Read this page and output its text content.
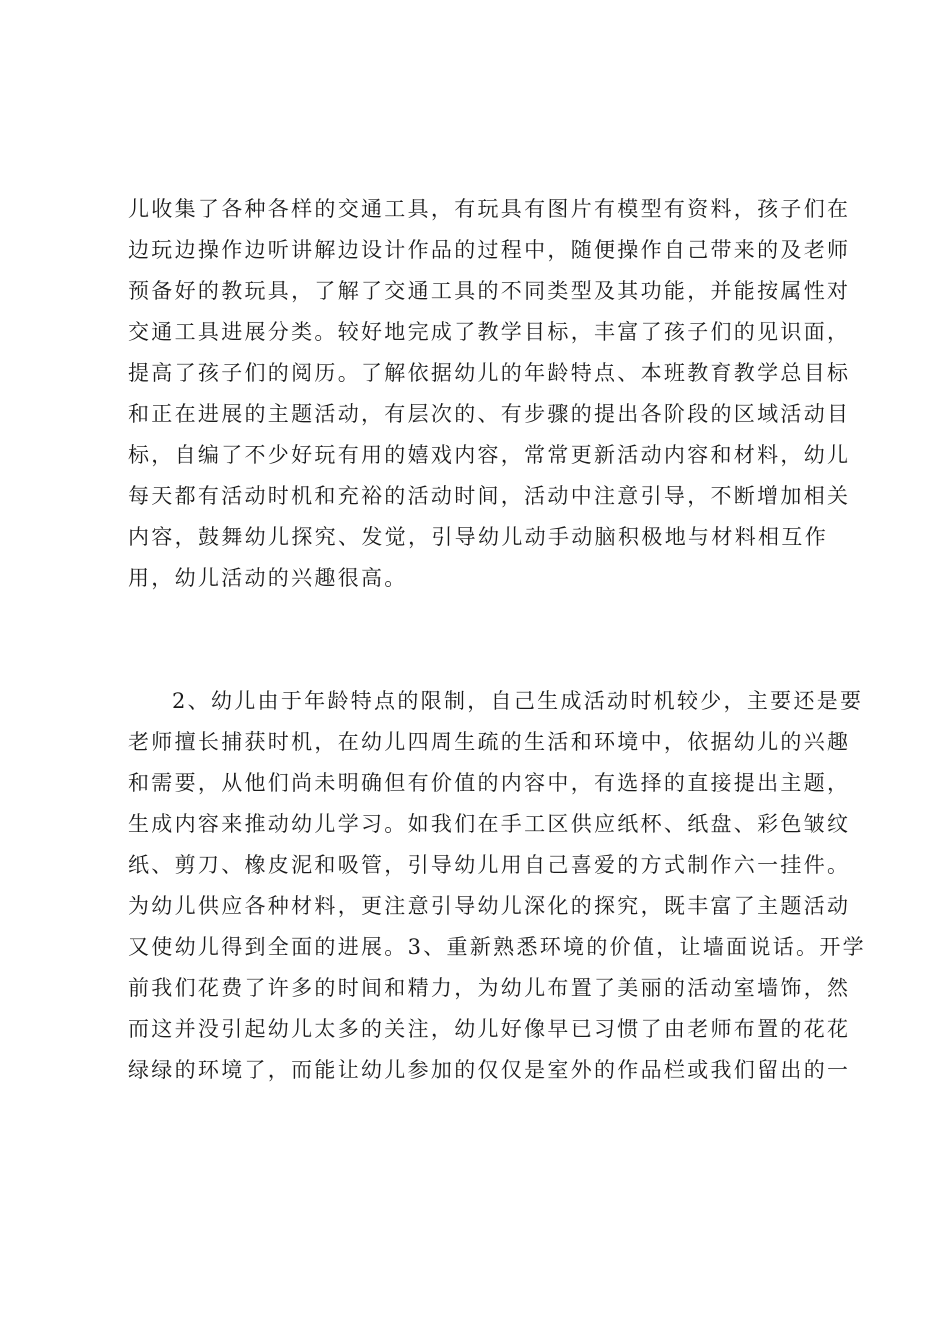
儿收集了各种各样的交通工具，有玩具有图片有模型有资料，孩子们在
边玩边操作边听讲解边设计作品的过程中，随便操作自己带来的及老师
预备好的教玩具，了解了交通工具的不同类型及其功能，并能按属性对
交通工具进展分类。较好地完成了教学目标，丰富了孩子们的见识面，
提高了孩子们的阅历。了解依据幼儿的年龄特点、本班教育教学总目标
和正在进展的主题活动，有层次的、有步骤的提出各阶段的区域活动目
标，自编了不少好玩有用的嬉戏内容，常常更新活动内容和材料，幼儿
每天都有活动时机和充裕的活动时间，活动中注意引导，不断增加相关
内容，鼓舞幼儿探究、发觉，引导幼儿动手动脑积极地与材料相互作
用，幼儿活动的兴趣很高。
2、幼儿由于年龄特点的限制，自己生成活动时机较少，主要还是要
老师擅长捕获时机，在幼儿四周生疏的生活和环境中，依据幼儿的兴趣
和需要，从他们尚未明确但有价值的内容中，有选择的直接提出主题，
生成内容来推动幼儿学习。如我们在手工区供应纸杯、纸盘、彩色皱纹
纸、剪刀、橡皮泥和吸管，引导幼儿用自己喜爱的方式制作六一挂件。
为幼儿供应各种材料，更注意引导幼儿深化的探究，既丰富了主题活动
又使幼儿得到全面的进展。3、重新熟悉环境的价值，让墙面说话。开学
前我们花费了许多的时间和精力，为幼儿布置了美丽的活动室墙饰，然
而这并没引起幼儿太多的关注，幼儿好像早已习惯了由老师布置的花花
绿绿的环境了，而能让幼儿参加的仅仅是室外的作品栏或我们留出的一
